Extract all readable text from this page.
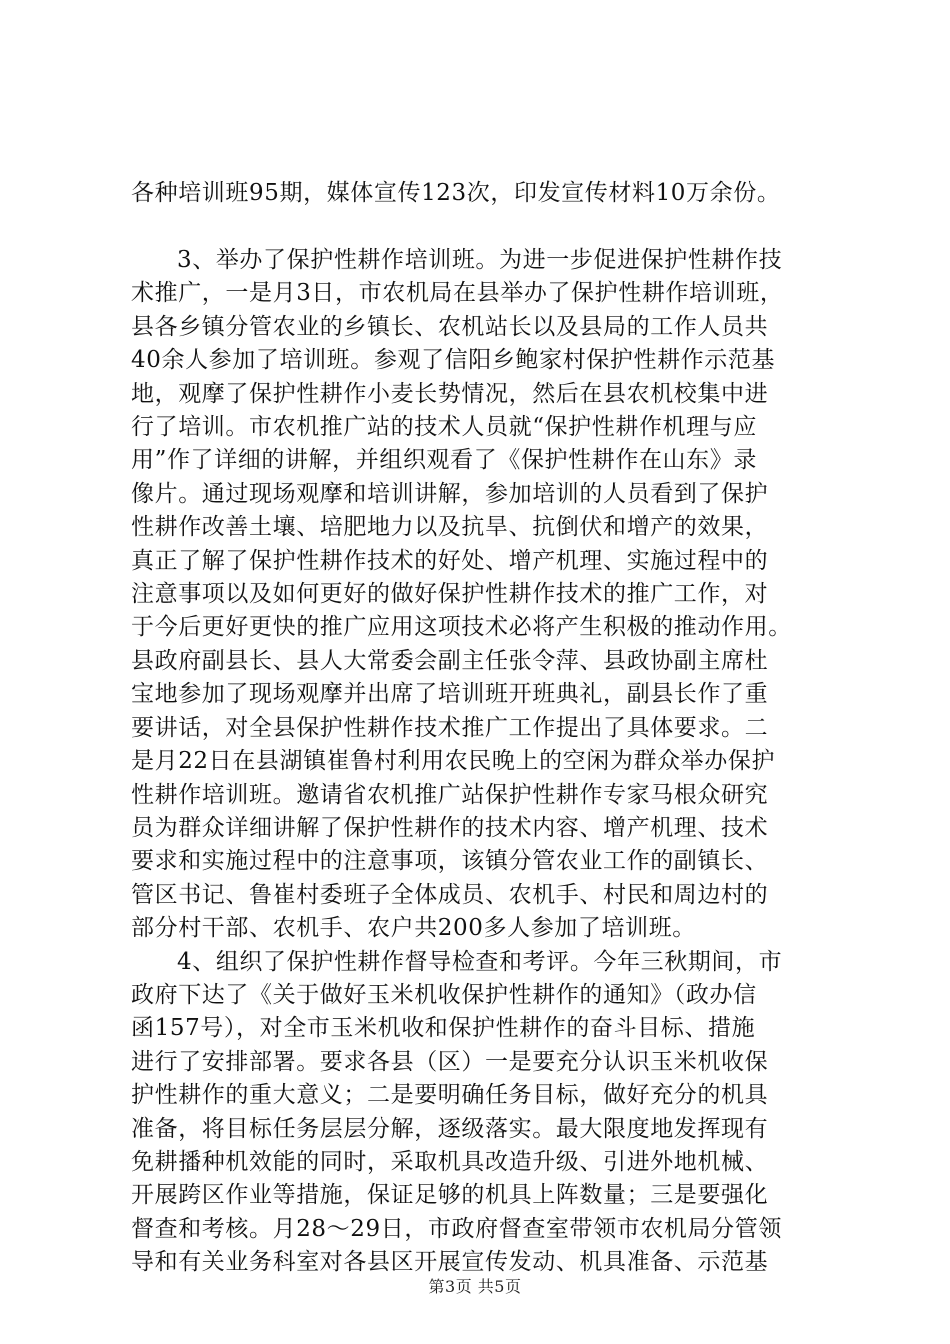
各种培训班95期，媒体宣传123次，印发宣传材料10万余份。
3、举办了保护性耕作培训班。为进一步促进保护性耕作技
术推广，一是月3日，市农机局在县举办了保护性耕作培训班，
县各乡镇分管农业的乡镇长、农机站长以及县局的工作人员共
40余人参加了培训班。参观了信阳乡鲍家村保护性耕作示范基
地，观摩了保护性耕作小麦长势情况，然后在县农机校集中进
行了培训。市农机推广站的技术人员就“保护性耕作机理与应
用”作了详细的讲解，并组织观看了《保护性耕作在山东》录
像片。通过现场观摩和培训讲解，参加培训的人员看到了保护
性耕作改善土壤、培肥地力以及抗旱、抗倒伏和增产的效果，
真正了解了保护性耕作技术的好处、增产机理、实施过程中的
注意事项以及如何更好的做好保护性耕作技术的推广工作，对
于今后更好更快的推广应用这项技术必将产生积极的推动作用。
县政府副县长、县人大常委会副主任张令萍、县政协副主席杜
宝地参加了现场观摩并出席了培训班开班典礼，副县长作了重
要讲话，对全县保护性耕作技术推广工作提出了具体要求。二
是月22日在县湖镇崔鲁村利用农民晚上的空闲为群众举办保护
性耕作培训班。邀请省农机推广站保护性耕作专家马根众研究
员为群众详细讲解了保护性耕作的技术内容、增产机理、技术
要求和实施过程中的注意事项，该镇分管农业工作的副镇长、
管区书记、鲁崔村委班子全体成员、农机手、村民和周边村的
部分村干部、农机手、农户共200多人参加了培训班。
4、组织了保护性耕作督导检查和考评。今年三秋期间，市
政府下达了《关于做好玉米机收保护性耕作的通知》（政办信
函157号），对全市玉米机收和保护性耕作的奋斗目标、措施
进行了安排部署。要求各县（区）一是要充分认识玉米机收保
护性耕作的重大意义；二是要明确任务目标，做好充分的机具
准备，将目标任务层层分解，逐级落实。最大限度地发挥现有
免耕播种机效能的同时，采取机具改造升级、引进外地机械、
开展跨区作业等措施，保证足够的机具上阵数量；三是要强化
督查和考核。月28～29日，市政府督查室带领市农机局分管领
导和有关业务科室对各县区开展宣传发动、机具准备、示范基
第3页 共5页
